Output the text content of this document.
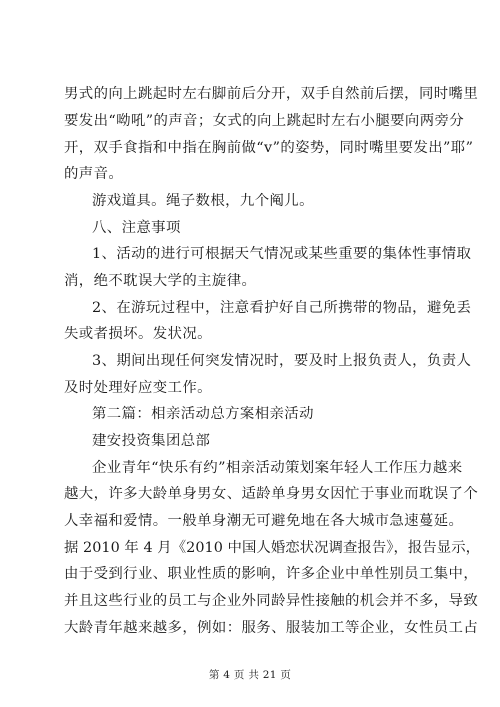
男式的向上跳起时左右脚前后分开，双手自然前后摆，同时嘴里
要发出“呦吼”的声音；女式的向上跳起时左右小腿要向两旁分
开，双手食指和中指在胸前做“v”的姿势，同时嘴里要发出”耶”
的声音。
游戏道具。绳子数根，九个阄儿。
八、注意事项
1、活动的进行可根据天气情况或某些重要的集体性事情取
消，绝不耽误大学的主旋律。
2、在游玩过程中，注意看护好自己所携带的物品，避免丢
失或者损坏。发状况。
3、期间出现任何突发情况时，要及时上报负责人，负责人
及时处理好应变工作。
第二篇：相亲活动总方案相亲活动
建安投资集团总部
企业青年“快乐有约”相亲活动策划案年轻人工作压力越来
越大，许多大龄单身男女、适龄单身男女因忙于事业而耽误了个
人幸福和爱情。一般单身潮无可避免地在各大城市急速蔓延。
据 2010 年 4 月《2010 中国人婚恋状况调查报告》，报告显示，
由于受到行业、职业性质的影响，许多企业中单性别员工集中，
并且这些行业的员工与企业外同龄异性接触的机会并不多，导致
大龄青年越来越多，例如：服务、服装加工等企业，女性员工占
第 4 页 共 21 页
